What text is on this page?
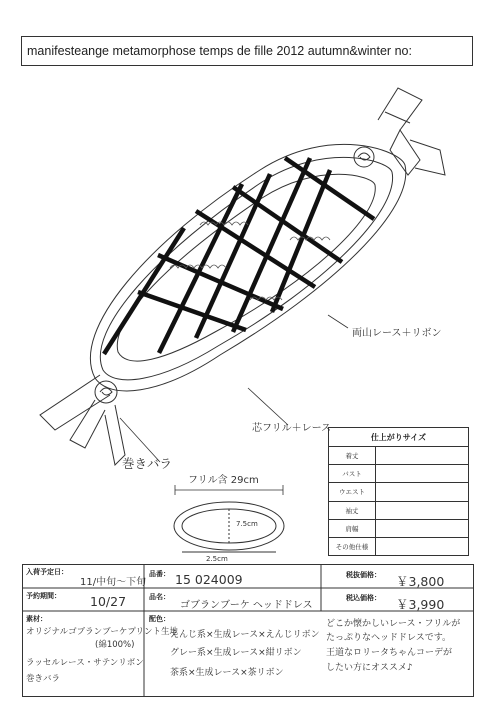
manifesteange metamorphose temps de fille 2012 autumn&winter no:
両山レース＋リボン
芯フリル＋レース
巻きバラ
フリル含 29cm
7.5cm
2.5cm
仕上がりサイズ	
着丈	
バスト	
ウエスト	
袖丈	
肩幅	
その他仕様	
入荷予定日：
11/中旬～下旬
品番： 15 024009	税抜価格： ￥3,800
予約期間： 10/27	品名：
ゴブランブーケ ヘッドドレス
税込価格： ￥3,990
素材：
オリジナルゴブランブーケプリント生地
(綿100%)
ラッセルレース・サテンリボン
巻きバラ
配色：
えんじ系×生成レース×えんじリボン
グレー系×生成レース×紺リボン
茶系×生成レース×茶リボン
どこか懐かしいレース・フリルが
たっぷりなヘッドドレスです。
王道なロリータちゃんコーデが
したい方にオススメ♪
